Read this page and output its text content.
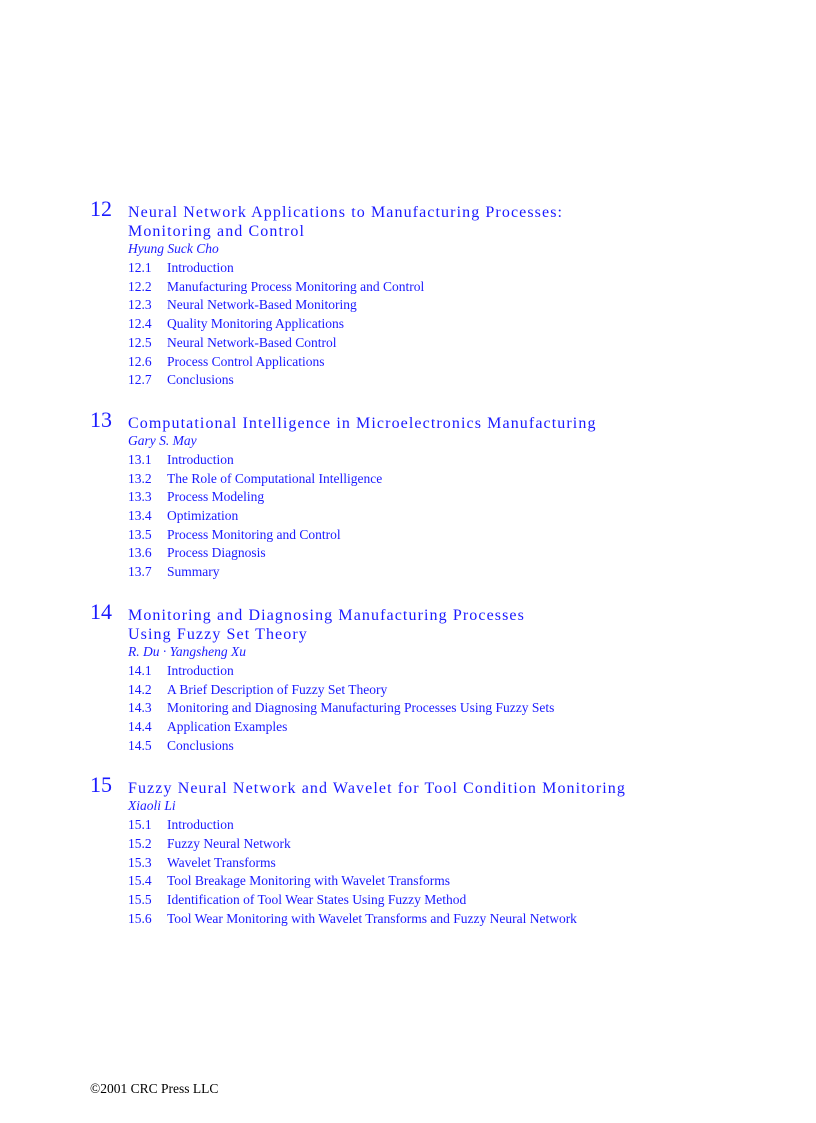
12 Neural Network Applications to Manufacturing Processes:
Monitoring and Control
Hyung Suck Cho
12.1 Introduction
12.2 Manufacturing Process Monitoring and Control
12.3 Neural Network-Based Monitoring
12.4 Quality Monitoring Applications
12.5 Neural Network-Based Control
12.6 Process Control Applications
12.7 Conclusions
13 Computational Intelligence in Microelectronics Manufacturing
Gary S. May
13.1 Introduction
13.2 The Role of Computational Intelligence
13.3 Process Modeling
13.4 Optimization
13.5 Process Monitoring and Control
13.6 Process Diagnosis
13.7 Summary
14 Monitoring and Diagnosing Manufacturing Processes
Using Fuzzy Set Theory
R. Du · Yangsheng Xu
14.1 Introduction
14.2 A Brief Description of Fuzzy Set Theory
14.3 Monitoring and Diagnosing Manufacturing Processes Using Fuzzy Sets
14.4 Application Examples
14.5 Conclusions
15 Fuzzy Neural Network and Wavelet for Tool Condition Monitoring
Xiaoli Li
15.1 Introduction
15.2 Fuzzy Neural Network
15.3 Wavelet Transforms
15.4 Tool Breakage Monitoring with Wavelet Transforms
15.5 Identification of Tool Wear States Using Fuzzy Method
15.6 Tool Wear Monitoring with Wavelet Transforms and Fuzzy Neural Network
©2001 CRC Press LLC
